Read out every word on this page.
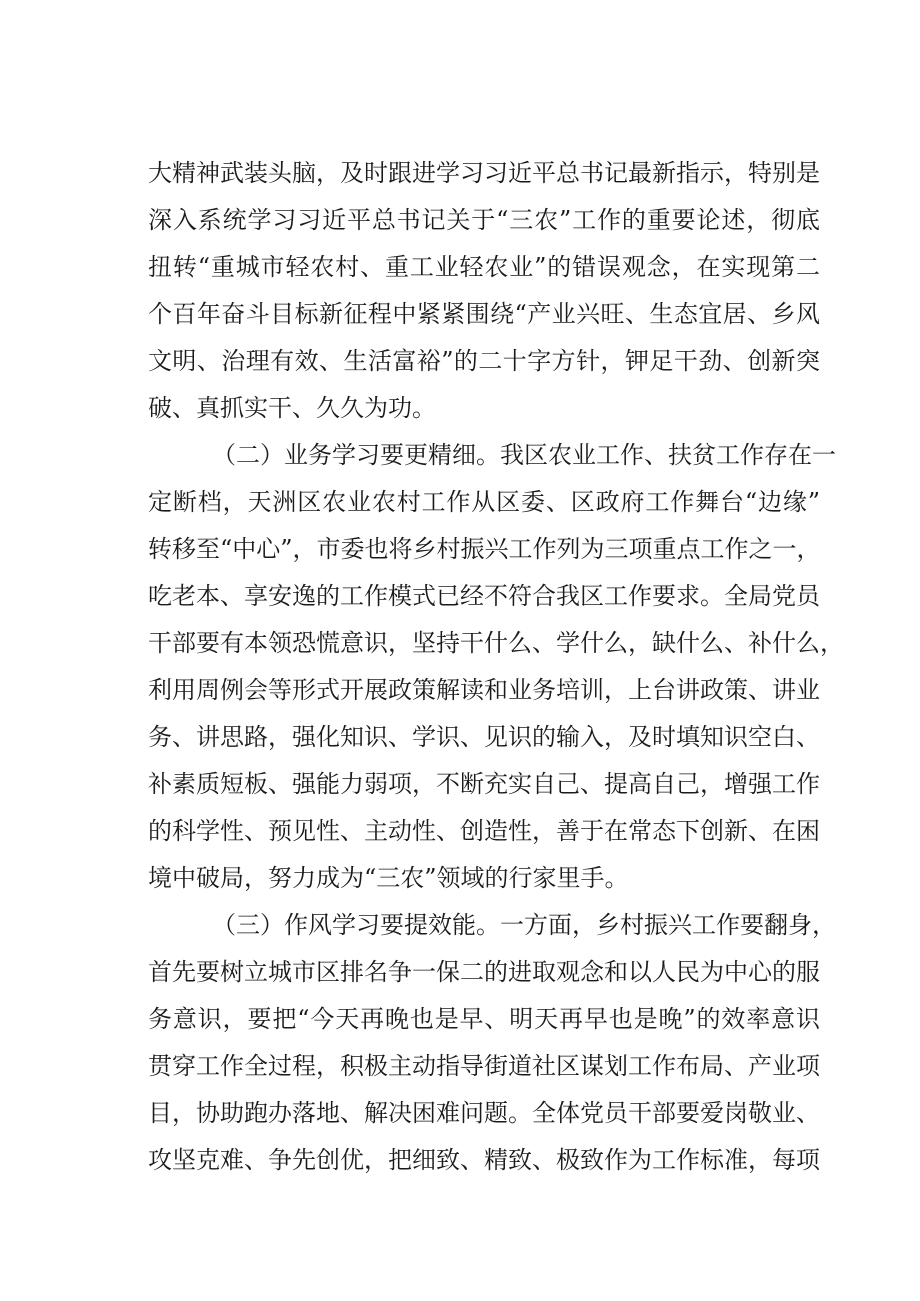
大精神武装头脑，及时跟进学习习近平总书记最新指示，特别是
深入系统学习习近平总书记关于“三农”工作的重要论述，彻底
扭转“重城市轻农村、重工业轻农业”的错误观念，在实现第二
个百年奋斗目标新征程中紧紧围绕“产业兴旺、生态宜居、乡风
文明、治理有效、生活富裕”的二十字方针，钾足干劲、创新突
破、真抓实干、久久为功。
（二）业务学习要更精细。我区农业工作、扶贫工作存在一
定断档，天洲区农业农村工作从区委、区政府工作舞台“边缘”
转移至“中心”，市委也将乡村振兴工作列为三项重点工作之一，
吃老本、享安逸的工作模式已经不符合我区工作要求。全局党员
干部要有本领恐慌意识，坚持干什么、学什么，缺什么、补什么，
利用周例会等形式开展政策解读和业务培训，上台讲政策、讲业
务、讲思路，强化知识、学识、见识的输入，及时填知识空白、
补素质短板、强能力弱项，不断充实自己、提高自己，增强工作
的科学性、预见性、主动性、创造性，善于在常态下创新、在困
境中破局，努力成为“三农”领域的行家里手。
（三）作风学习要提效能。一方面，乡村振兴工作要翻身，
首先要树立城市区排名争一保二的进取观念和以人民为中心的服
务意识，要把“今天再晚也是早、明天再早也是晚”的效率意识
贯穿工作全过程，积极主动指导街道社区谋划工作布局、产业项
目，协助跑办落地、解决困难问题。全体党员干部要爱岗敬业、
攻坚克难、争先创优，把细致、精致、极致作为工作标准，每项
